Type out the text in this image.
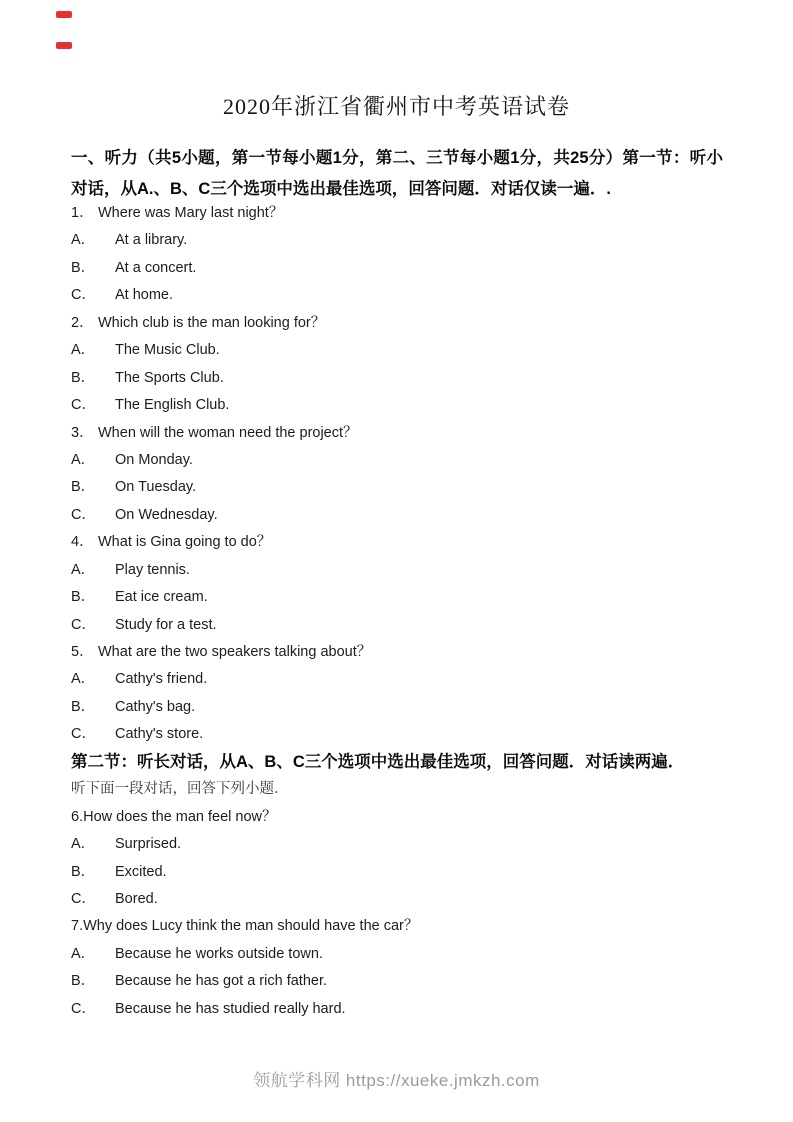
2020年浙江省衢州市中考英语试卷
一、听力（共5小题，第一节每小题1分，第二、三节每小题1分，共25分）第一节：听小对话，从A.、B、C三个选项中选出最佳选项，回答问题．对话仅读一遍．.
1． Where was Mary last night？
A． At a library.
B． At a concert.
C． At home.
2． Which club is the man looking for？
A． The Music Club.
B． The Sports Club.
C． The English Club.
3． When will the woman need the project？
A． On Monday.
B． On Tuesday.
C． On Wednesday.
4． What is Gina going to do？
A． Play tennis.
B． Eat ice cream.
C． Study for a test.
5． What are the two speakers talking about？
A． Cathy's friend.
B． Cathy's bag.
C． Cathy's store.
第二节：听长对话，从A、B、C三个选项中选出最佳选项，回答问题．对话读两遍．
听下面一段对话，回答下列小题．
6.How does the man feel now？
A． Surprised.
B． Excited.
C． Bored.
7.Why does Lucy think the man should have the car？
A． Because he works outside town.
B． Because he has got a rich father.
C． Because he has studied really hard.
领航学科网 https://xueke.jmkzh.com
